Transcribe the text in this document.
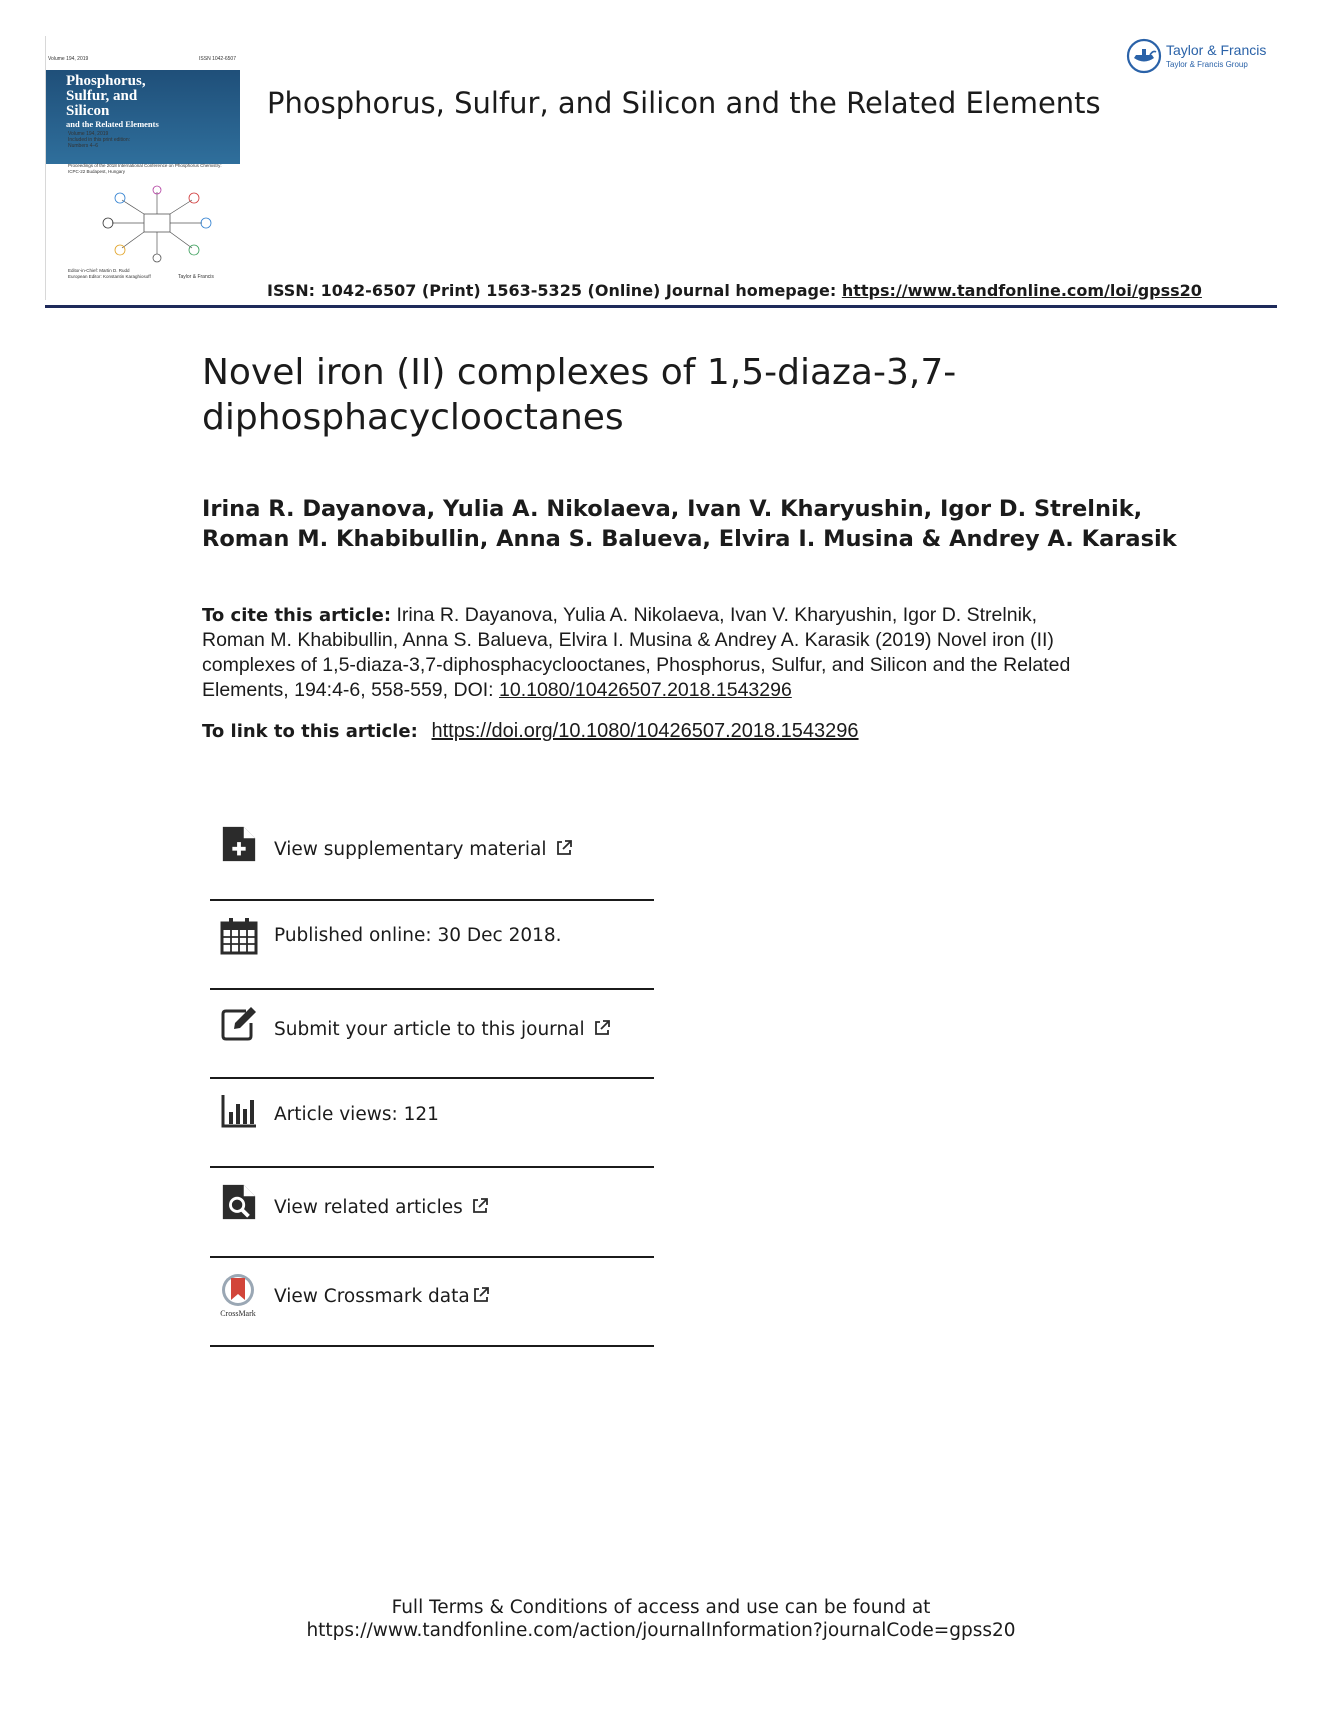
Volume 194, 2019	ISSN 1042-6507
Phosphorus,
Sulfur, and
Silicon
and the Related Elements
Volume 194, 2019
Included in this print edition:
Numbers 4–6
Proceedings of the 2018 International Conference on Phosphorus Chemistry: ICPC-22 Budapest, Hungary
Editor-in-Chief: Martin D. Rudd
European Editor: Konstantin Karaghiosoff	Taylor & Francis
Phosphorus, Sulfur, and Silicon and the Related Elements
Taylor & Francis
Taylor & Francis Group
ISSN: 1042-6507 (Print) 1563-5325 (Online) Journal homepage: https://www.tandfonline.com/loi/gpss20
Novel iron (II) complexes of 1,5-diaza-3,7-diphosphacyclooctanes
Irina R. Dayanova, Yulia A. Nikolaeva, Ivan V. Kharyushin, Igor D. Strelnik,
Roman M. Khabibullin, Anna S. Balueva, Elvira I. Musina & Andrey A. Karasik
To cite this article: Irina R. Dayanova, Yulia A. Nikolaeva, Ivan V. Kharyushin, Igor D. Strelnik, Roman M. Khabibullin, Anna S. Balueva, Elvira I. Musina & Andrey A. Karasik (2019) Novel iron (II) complexes of 1,5-diaza-3,7-diphosphacyclooctanes, Phosphorus, Sulfur, and Silicon and the Related Elements, 194:4-6, 558-559, DOI: 10.1080/10426507.2018.1543296
To link to this article: https://doi.org/10.1080/10426507.2018.1543296
View supplementary material
Published online: 30 Dec 2018.
Submit your article to this journal
Article views: 121
View related articles
CrossMark
View Crossmark data
Full Terms & Conditions of access and use can be found at
https://www.tandfonline.com/action/journalInformation?journalCode=gpss20
